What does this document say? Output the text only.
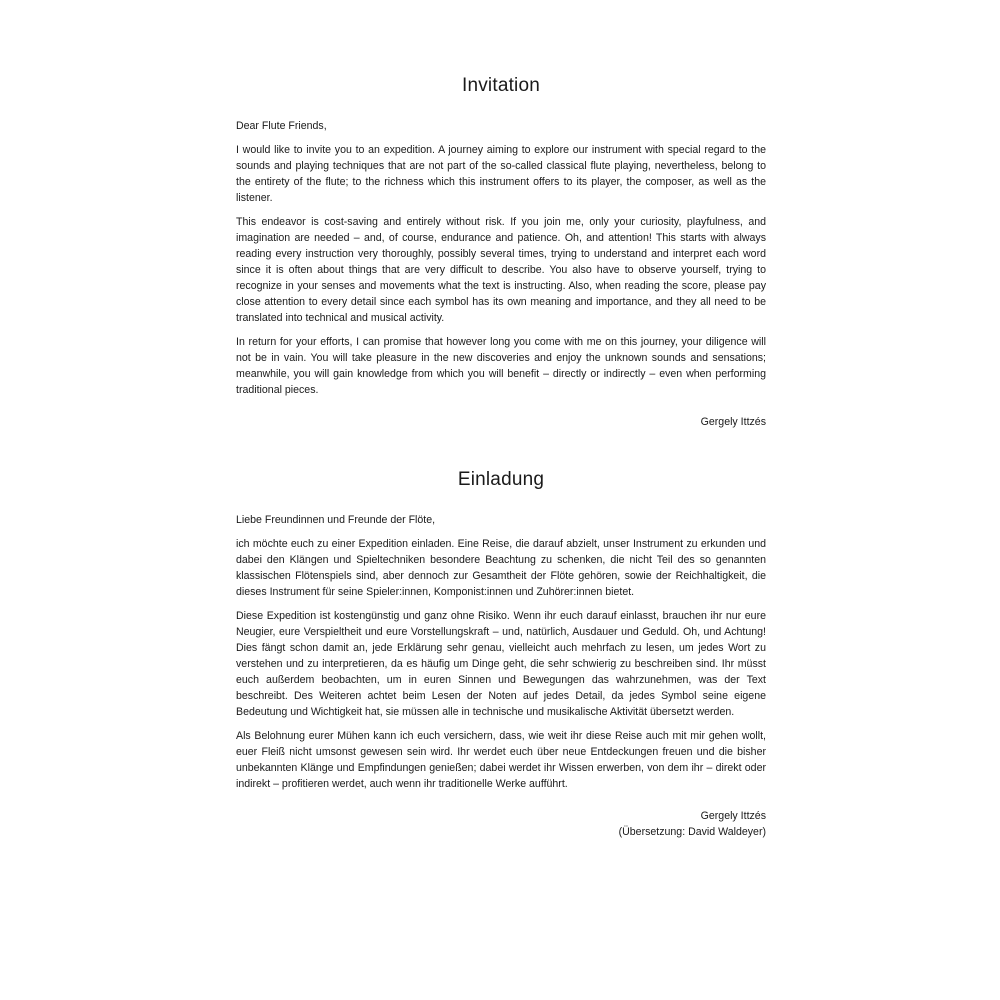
Invitation

Dear Flute Friends,

I would like to invite you to an expedition. A journey aiming to explore our instrument with special regard to the sounds and playing techniques that are not part of the so-called classical flute playing, nevertheless, belong to the entirety of the flute; to the richness which this instrument offers to its player, the composer, as well as the listener.

This endeavor is cost-saving and entirely without risk. If you join me, only your curiosity, playfulness, and imagination are needed – and, of course, endurance and patience. Oh, and attention! This starts with always reading every instruction very thoroughly, possibly several times, trying to understand and interpret each word since it is often about things that are very difficult to describe. You also have to observe yourself, trying to recognize in your senses and movements what the text is instructing. Also, when reading the score, please pay close attention to every detail since each symbol has its own meaning and importance, and they all need to be translated into technical and musical activity.

In return for your efforts, I can promise that however long you come with me on this journey, your diligence will not be in vain. You will take pleasure in the new discoveries and enjoy the unknown sounds and sensations; meanwhile, you will gain knowledge from which you will benefit – directly or indirectly – even when performing traditional pieces.

Gergely Ittzés
Einladung

Liebe Freundinnen und Freunde der Flöte,

ich möchte euch zu einer Expedition einladen. Eine Reise, die darauf abzielt, unser Instrument zu erkunden und dabei den Klängen und Spieltechniken besondere Beachtung zu schenken, die nicht Teil des so genannten klassischen Flötenspiels sind, aber dennoch zur Gesamtheit der Flöte gehören, sowie der Reichhaltigkeit, die dieses Instrument für seine Spieler:innen, Komponist:innen und Zuhörer:innen bietet.

Diese Expedition ist kostengünstig und ganz ohne Risiko. Wenn ihr euch darauf einlasst, brauchen ihr nur eure Neugier, eure Verspieltheit und eure Vorstellungskraft – und, natürlich, Ausdauer und Geduld. Oh, und Achtung! Dies fängt schon damit an, jede Erklärung sehr genau, vielleicht auch mehrfach zu lesen, um jedes Wort zu verstehen und zu interpretieren, da es häufig um Dinge geht, die sehr schwierig zu beschreiben sind. Ihr müsst euch außerdem beobachten, um in euren Sinnen und Bewegungen das wahrzunehmen, was der Text beschreibt. Des Weiteren achtet beim Lesen der Noten auf jedes Detail, da jedes Symbol seine eigene Bedeutung und Wichtigkeit hat, sie müssen alle in technische und musikalische Aktivität übersetzt werden.

Als Belohnung eurer Mühen kann ich euch versichern, dass, wie weit ihr diese Reise auch mit mir gehen wollt, euer Fleiß nicht umsonst gewesen sein wird. Ihr werdet euch über neue Entdeckungen freuen und die bisher unbekannten Klänge und Empfindungen genießen; dabei werdet ihr Wissen erwerben, von dem ihr – direkt oder indirekt – profitieren werdet, auch wenn ihr traditionelle Werke aufführt.

Gergely Ittzés
(Übersetzung: David Waldeyer)
